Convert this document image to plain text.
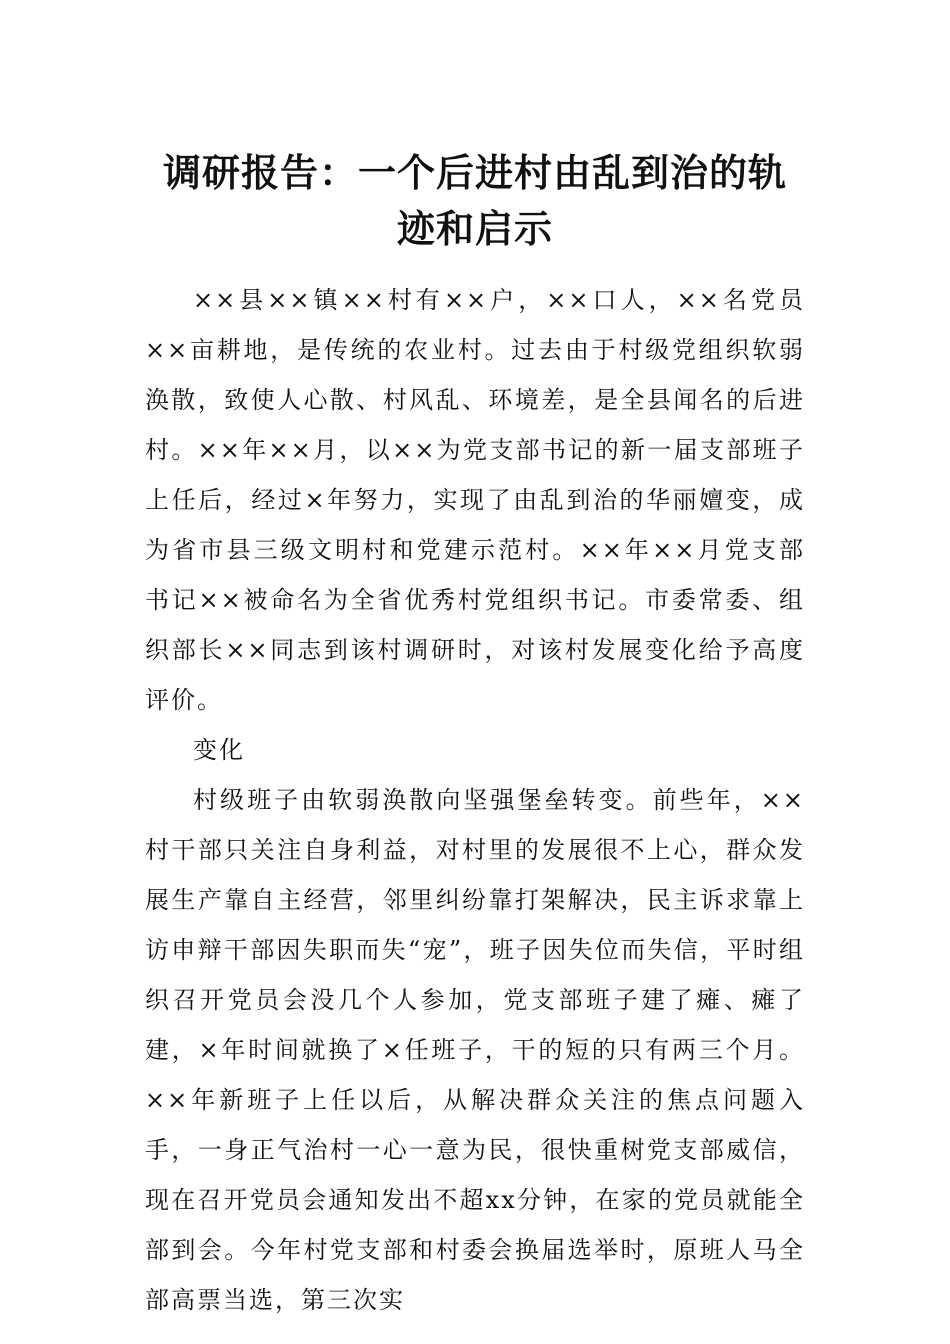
调研报告：一个后进村由乱到治的轨迹和启示

××县××镇××村有××户，××口人，××名党员××亩耕地，是传统的农业村。过去由于村级党组织软弱涣散，致使人心散、村风乱、环境差，是全县闻名的后进村。××年××月，以××为党支部书记的新一届支部班子上任后，经过×年努力，实现了由乱到治的华丽嬗变，成为省市县三级文明村和党建示范村。××年××月党支部书记××被命名为全省优秀村党组织书记。市委常委、组织部长××同志到该村调研时，对该村发展变化给予高度评价。

变化

村级班子由软弱涣散向坚强堡垒转变。前些年，××村干部只关注自身利益，对村里的发展很不上心，群众发展生产靠自主经营，邻里纠纷靠打架解决，民主诉求靠上访申辩干部因失职而失“宠”，班子因失位而失信，平时组织召开党员会没几个人参加，党支部班子建了瘫、瘫了建，×年时间就换了×任班子，干的短的只有两三个月。××年新班子上任以后，从解决群众关注的焦点问题入手，一身正气治村一心一意为民，很快重树党支部威信，现在召开党员会通知发出不超xx分钟，在家的党员就能全部到会。今年村党支部和村委会换届选举时，原班人马全部高票当选，第三次实
